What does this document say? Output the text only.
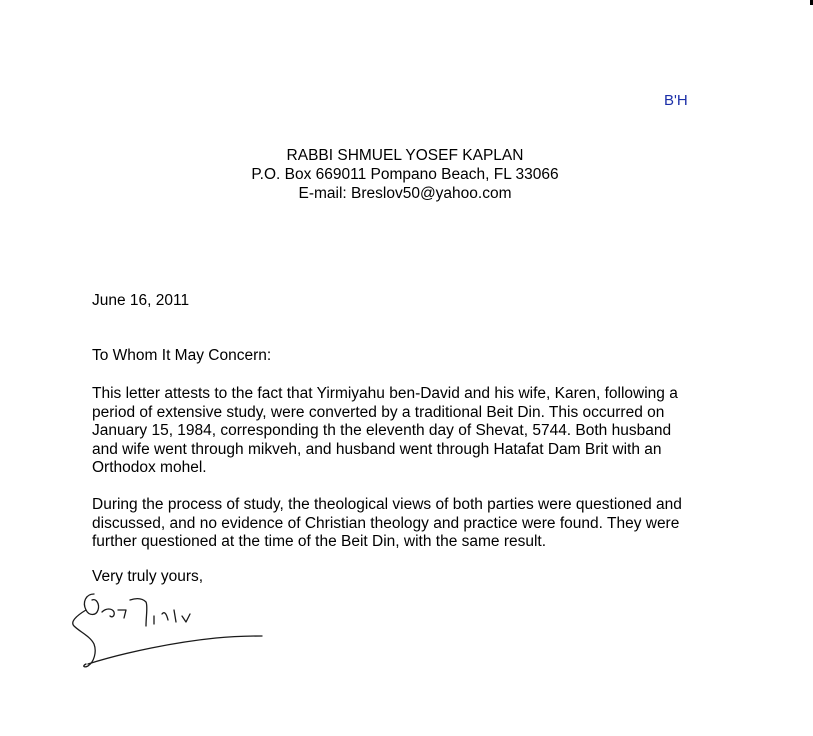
B'H
RABBI SHMUEL YOSEF KAPLAN
P.O. Box 669011 Pompano Beach, FL 33066
E-mail: Breslov50@yahoo.com
June 16, 2011
To Whom It May Concern:
This letter attests to the fact that Yirmiyahu ben-David and his wife, Karen, following a
period of extensive study, were converted by a traditional Beit Din. This occurred on
January 15, 1984, corresponding th the eleventh day of Shevat, 5744. Both husband
and wife went through mikveh, and husband went through Hatafat Dam Brit with an
Orthodox mohel.
During the process of study, the theological views of both parties were questioned and
discussed, and no evidence of Christian theology and practice were found. They were
further questioned at the time of the Beit Din, with the same result.
Very truly yours,
